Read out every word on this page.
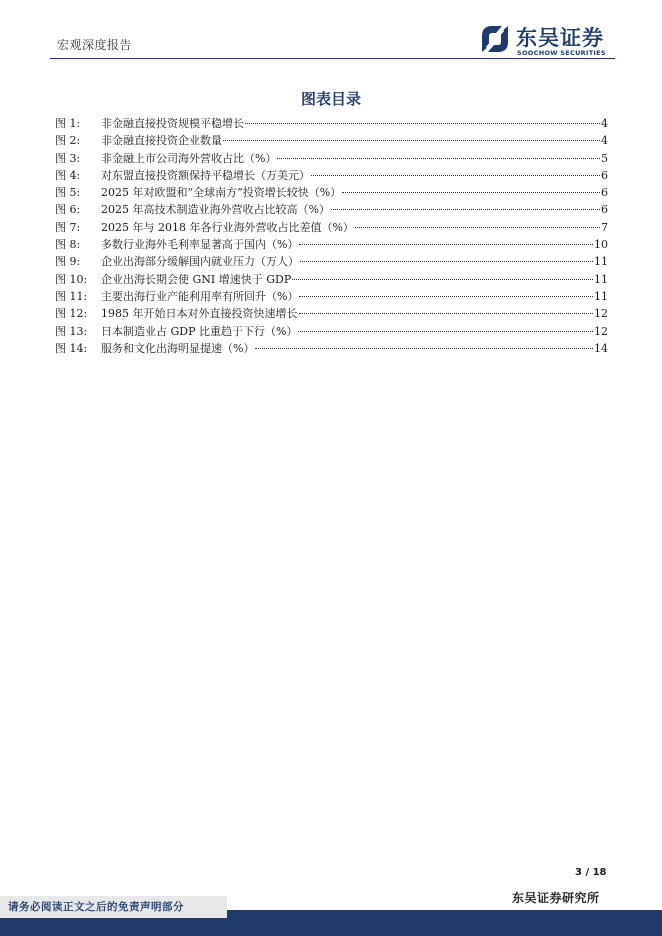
宏观深度报告	东吴证券
SOOCHOW SECURITIES
图表目录
图 1:	非金融直接投资规模平稳增长	4
图 2:	非金融直接投资企业数量	4
图 3:	非金融上市公司海外营收占比（%）	5
图 4:	对东盟直接投资额保持平稳增长（万美元）	6
图 5:	2025 年对欧盟和“全球南方”投资增长较快（%）	6
图 6:	2025 年高技术制造业海外营收占比较高（%）	6
图 7:	2025 年与 2018 年各行业海外营收占比差值（%）	7
图 8:	多数行业海外毛利率显著高于国内（%）	10
图 9:	企业出海部分缓解国内就业压力（万人）	11
图 10:	企业出海长期会使 GNI 增速快于 GDP	11
图 11:	主要出海行业产能利用率有所回升（%）	11
图 12:	1985 年开始日本对外直接投资快速增长	12
图 13:	日本制造业占 GDP 比重趋于下行（%）	12
图 14:	服务和文化出海明显提速（%）	14
3 / 18
东吴证券研究所
请务必阅读正文之后的免责声明部分
